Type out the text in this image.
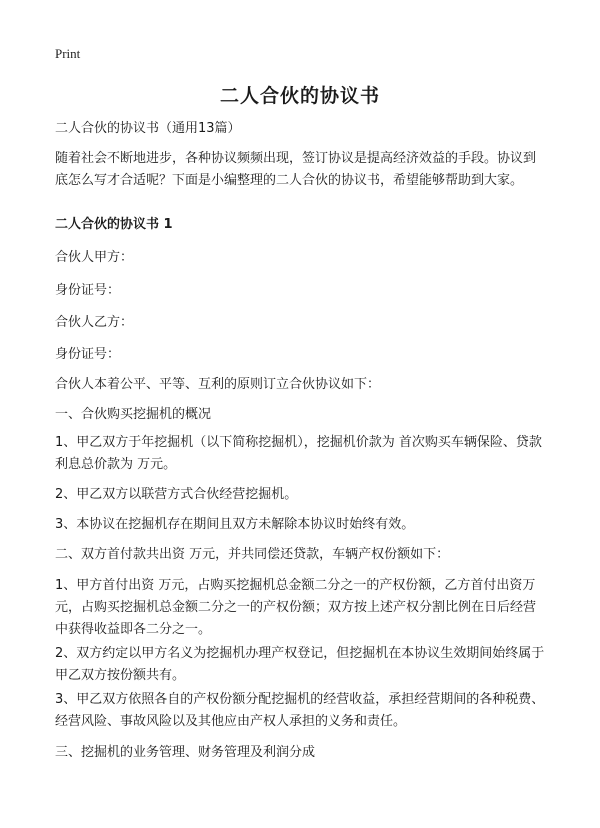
Print
二人合伙的协议书

二人合伙的协议书（通用13篇）

随着社会不断地进步，各种协议频频出现，签订协议是提高经济效益的手段。协议到底怎么写才合适呢？下面是小编整理的二人合伙的协议书，希望能够帮助到大家。

二人合伙的协议书 1

合伙人甲方：

身份证号：

合伙人乙方：

身份证号：

合伙人本着公平、平等、互利的原则订立合伙协议如下：

一、合伙购买挖掘机的概况

1、甲乙双方于年挖掘机（以下简称挖掘机），挖掘机价款为 首次购买车辆保险、贷款利息总价款为 万元。

2、甲乙双方以联营方式合伙经营挖掘机。

3、本协议在挖掘机存在期间且双方未解除本协议时始终有效。

二、双方首付款共出资 万元，并共同偿还贷款，车辆产权份额如下：

1、甲方首付出资 万元，占购买挖掘机总金额二分之一的产权份额，乙方首付出资万元，占购买挖掘机总金额二分之一的产权份额；双方按上述产权分割比例在日后经营中获得收益即各二分之一。

2、双方约定以甲方名义为挖掘机办理产权登记，但挖掘机在本协议生效期间始终属于甲乙双方按份额共有。

3、甲乙双方依照各自的产权份额分配挖掘机的经营收益，承担经营期间的各种税费、经营风险、事故风险以及其他应由产权人承担的义务和责任。

三、挖掘机的业务管理、财务管理及利润分成
